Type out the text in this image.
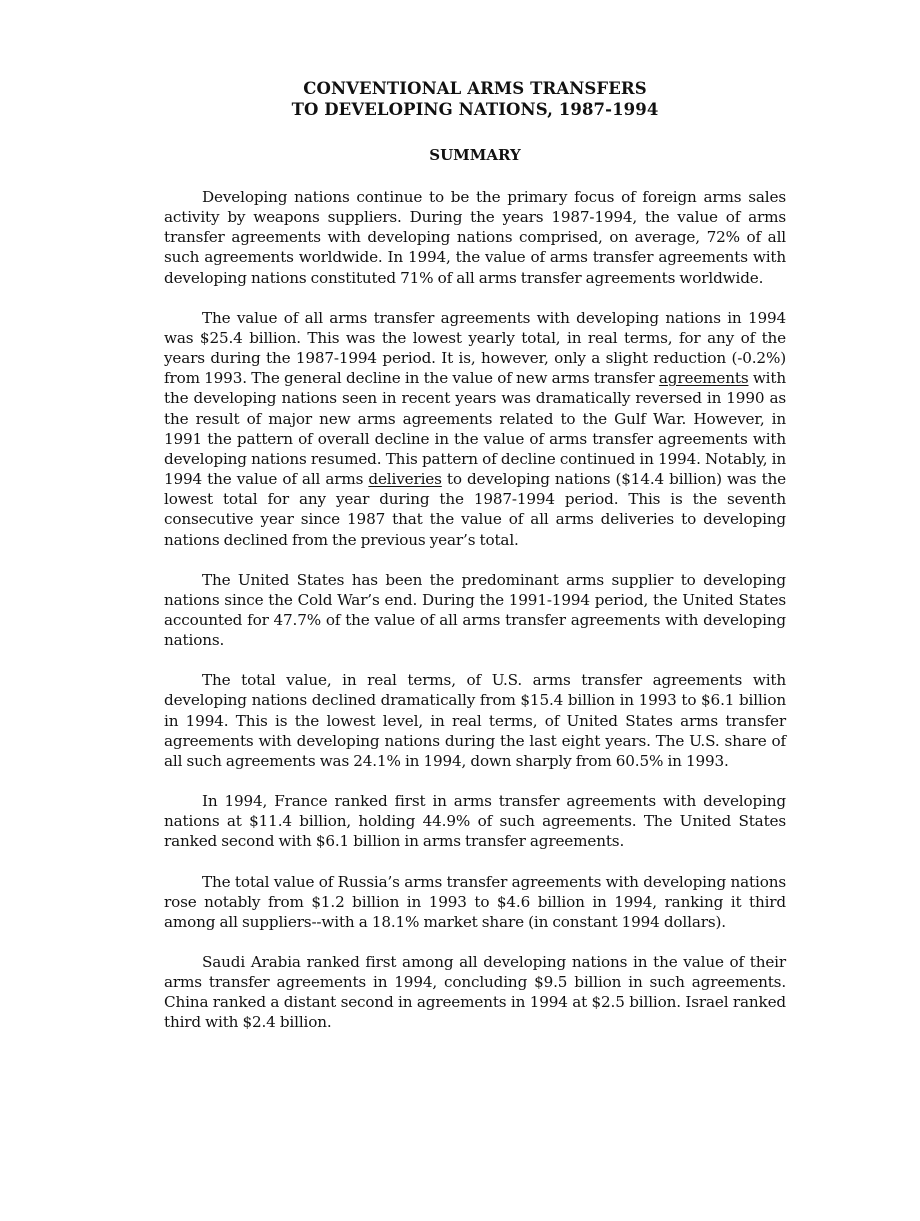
CONVENTIONAL ARMS TRANSFERS
TO DEVELOPING NATIONS, 1987-1994
SUMMARY

Developing nations continue to be the primary focus of foreign arms sales activity by weapons suppliers. During the years 1987-1994, the value of arms transfer agreements with developing nations comprised, on average, 72% of all such agreements worldwide. In 1994, the value of arms transfer agreements with developing nations constituted 71% of all arms transfer agreements worldwide.

The value of all arms transfer agreements with developing nations in 1994 was $25.4 billion. This was the lowest yearly total, in real terms, for any of the years during the 1987-1994 period. It is, however, only a slight reduction (-0.2%) from 1993. The general decline in the value of new arms transfer agreements with the developing nations seen in recent years was dramatically reversed in 1990 as the result of major new arms agreements related to the Gulf War. However, in 1991 the pattern of overall decline in the value of arms transfer agreements with developing nations resumed. This pattern of decline continued in 1994. Notably, in 1994 the value of all arms deliveries to developing nations ($14.4 billion) was the lowest total for any year during the 1987-1994 period. This is the seventh consecutive year since 1987 that the value of all arms deliveries to developing nations declined from the previous year’s total.

The United States has been the predominant arms supplier to developing nations since the Cold War’s end. During the 1991-1994 period, the United States accounted for 47.7% of the value of all arms transfer agreements with developing nations.

The total value, in real terms, of U.S. arms transfer agreements with developing nations declined dramatically from $15.4 billion in 1993 to $6.1 billion in 1994. This is the lowest level, in real terms, of United States arms transfer agreements with developing nations during the last eight years. The U.S. share of all such agreements was 24.1% in 1994, down sharply from 60.5% in 1993.

In 1994, France ranked first in arms transfer agreements with developing nations at $11.4 billion, holding 44.9% of such agreements. The United States ranked second with $6.1 billion in arms transfer agreements.

The total value of Russia’s arms transfer agreements with developing nations rose notably from $1.2 billion in 1993 to $4.6 billion in 1994, ranking it third among all suppliers--with a 18.1% market share (in constant 1994 dollars).

Saudi Arabia ranked first among all developing nations in the value of their arms transfer agreements in 1994, concluding $9.5 billion in such agreements. China ranked a distant second in agreements in 1994 at $2.5 billion. Israel ranked third with $2.4 billion.
